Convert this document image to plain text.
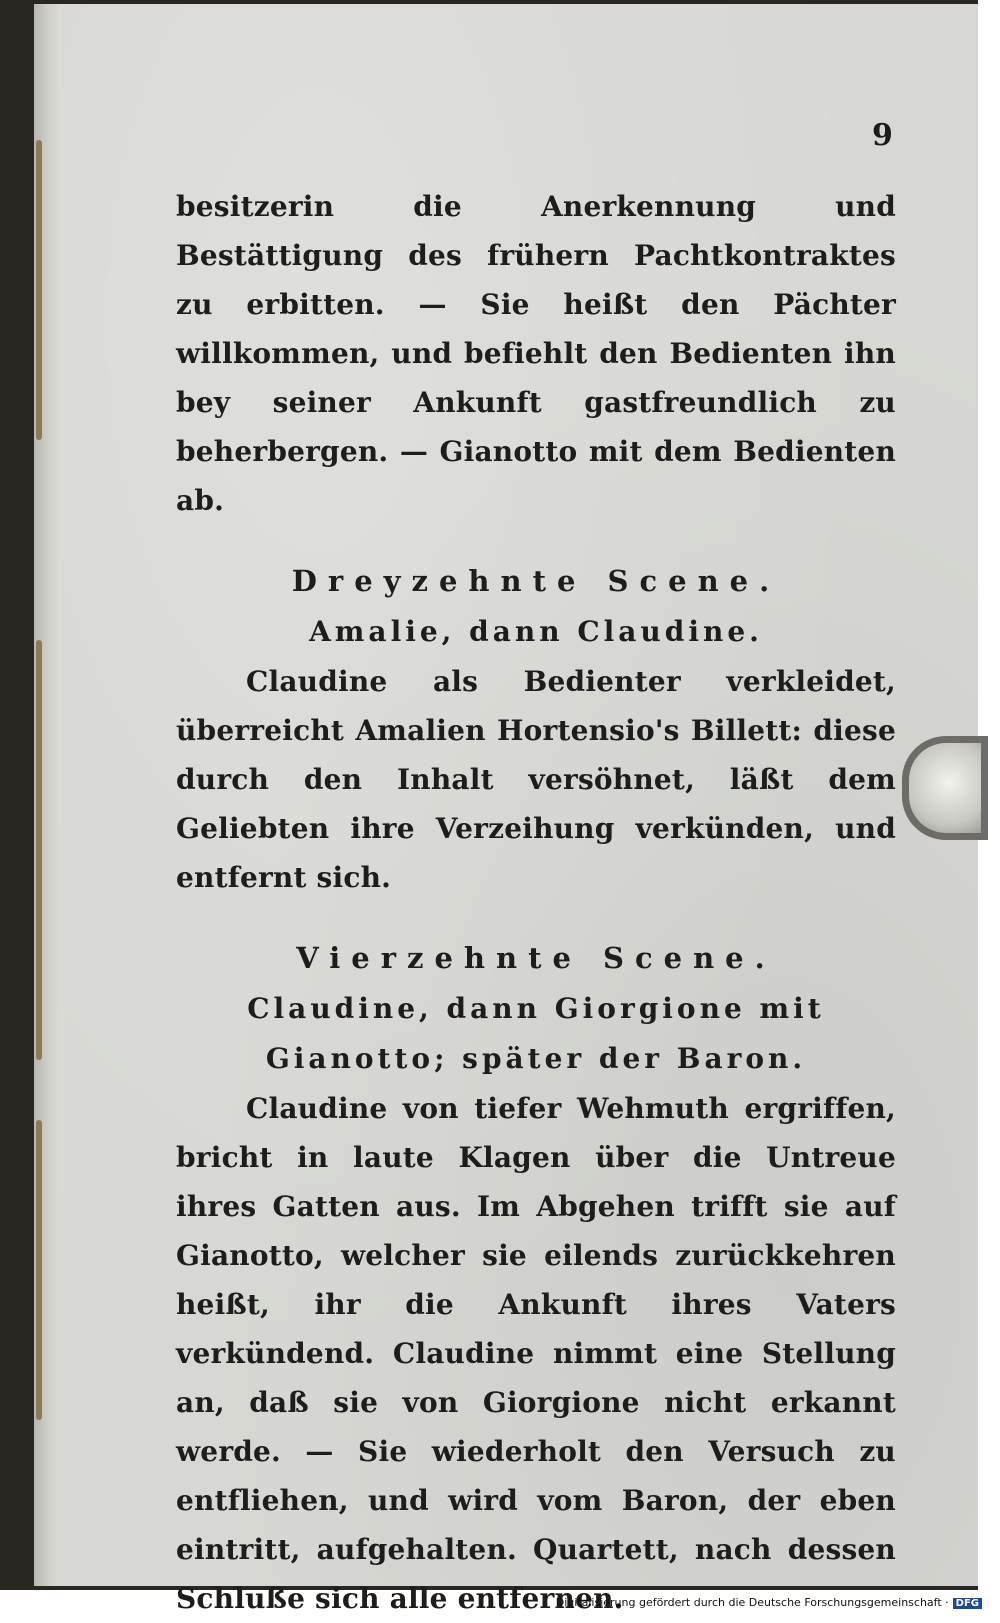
9

besitzerin die Anerkennung und Bestättigung des frühern Pachtkontraktes zu erbitten. — Sie heißt den Pächter willkommen, und befiehlt den Bedienten ihn bey seiner Ankunft gastfreundlich zu beherbergen. — Gianotto mit dem Bedienten ab.

Dreyzehnte Scene.

Amalie, dann Claudine.

Claudine als Bedienter verkleidet, überreicht Amalien Hortensio's Billett: diese durch den Inhalt versöhnet, läßt dem Geliebten ihre Verzeihung verkünden, und entfernt sich.

Vierzehnte Scene.

Claudine, dann Giorgione mit Gianotto; später der Baron.

Claudine von tiefer Wehmuth ergriffen, bricht in laute Klagen über die Untreue ihres Gatten aus. Im Abgehen trifft sie auf Gianotto, welcher sie eilends zurückkehren heißt, ihr die Ankunft ihres Vaters verkündend. Claudine nimmt eine Stellung an, daß sie von Giorgione nicht erkannt werde. — Sie wiederholt den Versuch zu entfliehen, und wird vom Baron, der eben eintritt, aufgehalten. Quartett, nach dessen Schluße sich alle entfernen.

Digitalisierung gefördert durch die Deutsche Forschungsgemeinschaft · DFG
